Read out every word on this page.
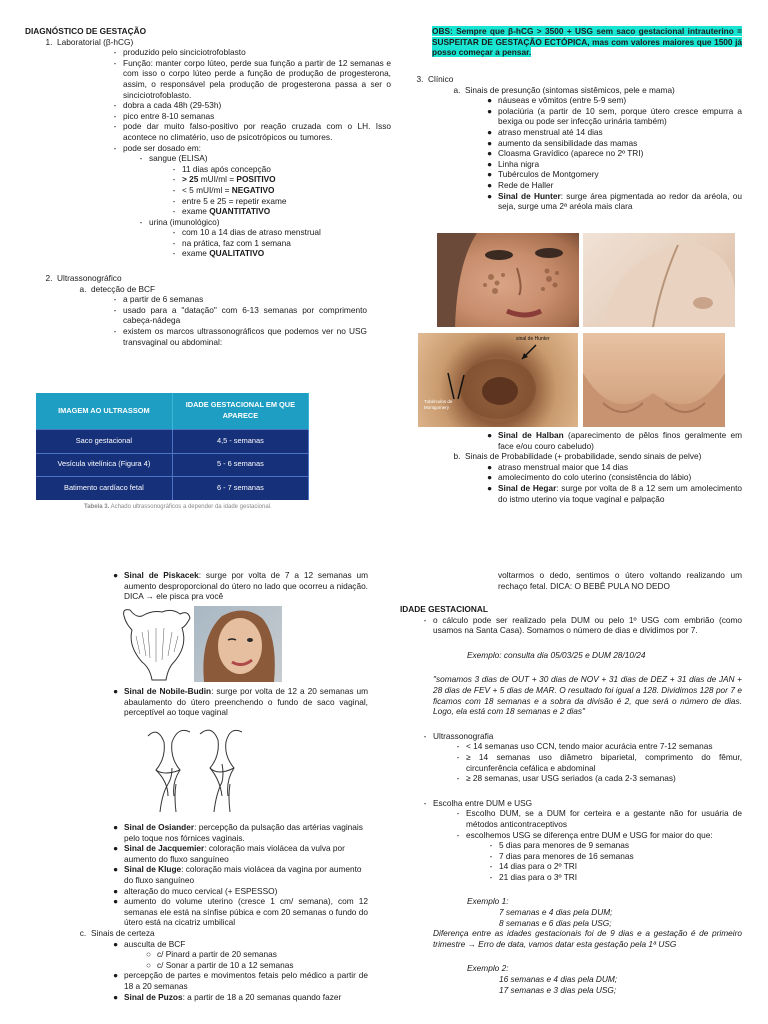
DIAGNÓSTICO DE GESTAÇÃO

1. Laboratorial (β-hCG)

- produzido pelo sinciciotrofoblasto

- Função: manter corpo lúteo, perde sua função a partir de 12 semanas e com isso o corpo lúteo perde a função de produção de progesterona, assim, o responsável pela produção de progesterona passa a ser o sinciciotrofoblasto.

- dobra a cada 48h (29-53h)

- pico entre 8-10 semanas

- pode dar muito falso-positivo por reação cruzada com o LH. Isso acontece no climatério, uso de psicotrópicos ou tumores.

- pode ser dosado em:

- sangue (ELISA)

- 11 dias após concepção

- > 25 mUI/ml = POSITIVO

- < 5 mUI/ml = NEGATIVO

- entre 5 e 25 = repetir exame

- exame QUANTITATIVO

- urina (imunológico)

- com 10 a 14 dias de atraso menstrual

- na prática, faz com 1 semana

- exame QUALITATIVO

2. Ultrassonográfico

a. detecção de BCF

- a partir de 6 semanas

- usado para a "datação" com 6-13 semanas por comprimento cabeça-nádega

- existem os marcos ultrassonográficos que podemos ver no USG transvaginal ou abdominal:

IMAGEM AO ULTRASSOM	IDADE GESTACIONAL EM QUE APARECE
Saco gestacional	4,5 - semanas
Vesícula vitelínica (Figura 4)	5 - 6 semanas
Batimento cardíaco fetal	6 - 7 semanas

Tabela 3. Achado ultrassonográficos a depender da idade gestacional.

OBS: Sempre que β-hCG > 3500 + USG sem saco gestacional intrauterino = SUSPEITAR DE GESTAÇÃO ECTÓPICA, mas com valores maiores que 1500 já posso começar a pensar.

3. Clínico

a. Sinais de presunção (sintomas sistêmicos, pele e mama)

● náuseas e vômitos (entre 5-9 sem)

● polaciúria (a partir de 10 sem, porque útero cresce empurra a bexiga ou pode ser infecção urinária também)

● atraso menstrual até 14 dias

● aumento da sensibilidade das mamas

● Cloasma Gravídico (aparece no 2º TRI)

● Linha nigra

● Tubérculos de Montgomery

● Rede de Haller

● Sinal de Hunter: surge área pigmentada ao redor da aréola, ou seja, surge uma 2ª aréola mais clara

sinal de Hunter
Tubérculos de Montgomery

● Sinal de Halban (aparecimento de pêlos finos geralmente em face e/ou couro cabeludo)

b. Sinais de Probabilidade (+ probabilidade, sendo sinais de pelve)

● atraso menstrual maior que 14 dias

● amolecimento do colo uterino (consistência do lábio)

● Sinal de Hegar: surge por volta de 8 a 12 sem um amolecimento do istmo uterino via toque vaginal e palpação

● Sinal de Piskacek: surge por volta de 7 a 12 semanas um aumento desproporcional do útero no lado que ocorreu a nidação. DICA → ele pisca pra você

● Sinal de Nobile-Budin: surge por volta de 12 a 20 semanas um abaulamento do útero preenchendo o fundo de saco vaginal, perceptível ao toque vaginal

● Sinal de Osiander: percepção da pulsação das artérias vaginais pelo toque nos fórnices vaginais.

● Sinal de Jacquemier: coloração mais violácea da vulva por aumento do fluxo sanguíneo

● Sinal de Kluge: coloração mais violácea da vagina por aumento do fluxo sanguíneo

● alteração do muco cervical (+ ESPESSO)

● aumento do volume uterino (cresce 1 cm/ semana), com 12 semanas ele está na sínfise púbica e com 20 semanas o fundo do útero está na cicatriz umbilical

c. Sinais de certeza

● ausculta de BCF

○ c/ Pinard a partir de 20 semanas

○ c/ Sonar a partir de 10 a 12 semanas

● percepção de partes e movimentos fetais pelo médico a partir de 18 a 20 semanas

● Sinal de Puzos: a partir de 18 a 20 semanas quando fazer

voltarmos o dedo, sentimos o útero voltando realizando um rechaço fetal. DICA: O BEBÊ PULA NO DEDO

IDADE GESTACIONAL

- o cálculo pode ser realizado pela DUM ou pelo 1º USG com embrião (como usamos na Santa Casa). Somamos o número de dias e dividimos por 7.

Exemplo: consulta dia 05/03/25 e DUM 28/10/24

"somamos 3 dias de OUT + 30 dias de NOV + 31 dias de DEZ + 31 dias de JAN + 28 dias de FEV + 5 dias de MAR. O resultado foi igual a 128. Dividimos 128 por 7 e ficamos com 18 semanas e a sobra da divisão é 2, que será o número de dias. Logo, ela está com 18 semanas e 2 dias"

- Ultrassonografia

- < 14 semanas uso CCN, tendo maior acurácia entre 7-12 semanas

- ≥ 14 semanas uso diâmetro biparietal, comprimento do fêmur, circunferência cefálica e abdominal

- ≥ 28 semanas, usar USG seriados (a cada 2-3 semanas)

- Escolha entre DUM e USG

- Escolho DUM, se a DUM for certeira e a gestante não for usuária de métodos anticontraceptivos

- escolhemos USG se diferença entre DUM e USG for maior do que:

- 5 dias para menores de 9 semanas

- 7 dias para menores de 16 semanas

- 14 dias para o 2º TRI

- 21 dias para o 3º TRI

Exemplo 1:

7 semanas e 4 dias pela DUM;

8 semanas e 6 dias pela USG;

Diferença entre as idades gestacionais foi de 9 dias e a gestação é de primeiro trimestre → Erro de data, vamos datar esta gestação pela 1ª USG

Exemplo 2:

16 semanas e 4 dias pela DUM;

17 semanas e 3 dias pela USG;
